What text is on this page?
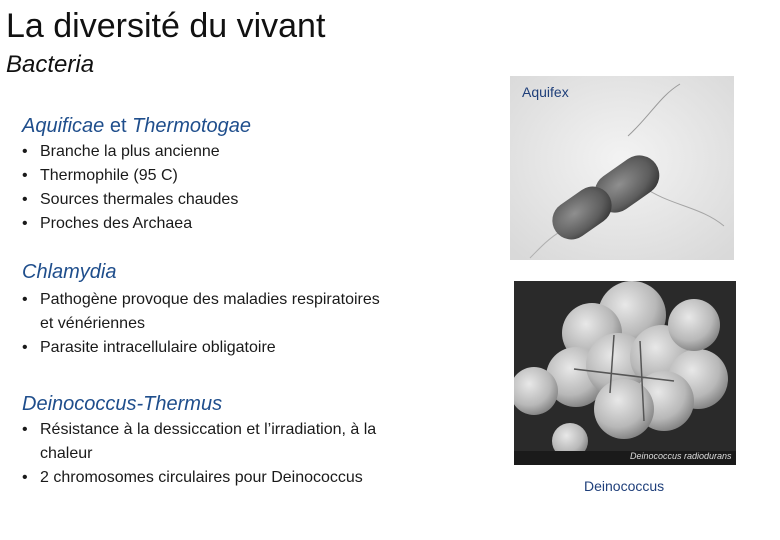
La diversité du vivant
Bacteria
Aquificae et Thermotogae
• Branche la plus ancienne
• Thermophile (95 C)
• Sources thermales chaudes
• Proches des Archaea
Chlamydia
• Pathogène provoque des maladies respiratoires
et vénériennes
• Parasite intracellulaire obligatoire
Deinococcus-Thermus
• Résistance à la dessiccation et l’irradiation, à la
chaleur
• 2 chromosomes circulaires pour Deinococcus
Aquifex
Deinococcus radiodurans
Deinococcus
